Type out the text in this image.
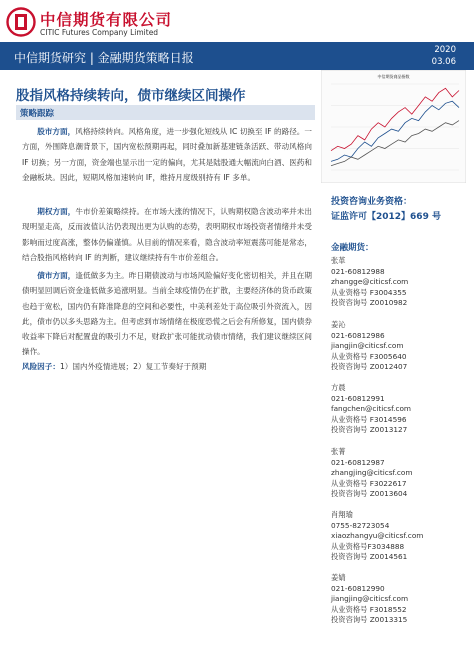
中信期货有限公司
CITIC Futures Company Limited
中信期货研究 | 金融期货策略日报
2020
03.06
股指风格持续转向，债市继续区间操作
策略跟踪

股市方面，风格持续转向。风格角度，进一步强化短线从 IC 切换至 IF 的路径。一方面，外围降息潮背景下，国内宽松预期再起，同时叠加新基建链条活跃、带动风格向 IF 切换；另一方面，资金端也显示出一定的偏向，尤其是陆股通大幅流向白酒、医药和金融板块。因此，短期风格加速转向 IF，维持月度级别持有 IF 多单。

期权方面，牛市价差策略续持。在市场大涨的情况下，认购期权隐含波动率并未出现明显走高，反而波值认沽仍表现出更为认购的态势，表明期权市场投资者情绪并未受影响而过度高涨，整体仍偏谨慎。从目前的情况来看，隐含波动率短震荡可能是常态，结合股指风格转向 IF 的判断，建议继续持有牛市价差组合。

债市方面，逢低做多为主。昨日期债波动与市场风险偏好变化密切相关，并且在期债明显回调后资金逢低做多追涨明显。当前全球疫情仍在扩散，主要经济体的货币政策也趋于宽松，国内仍有降准降息的空间和必要性，中美利差处于高位吸引外资流入，因此，债市仍以多头思路为主。但考虑到市场情绪在极度恐慌之后会有所修复，国内债券收益率下降后对配置盘的吸引力不足，财政扩张可能扰动债市情绪，我们建议继续区间操作。

风险因子：1）国内外疫情进展；2）复工节奏好于预期
中信期货商品指数
投资咨询业务资格：
证监许可【2012】669 号
金融期货：
张革
021-60812988
zhangge@citicsf.com
从业资格号 F3004355
投资咨询号 Z0010982
姜沁
021-60812986
jiangjin@citicsf.com
从业资格号 F3005640
投资咨询号 Z0012407
方晨
021-60812991
fangchen@citicsf.com
从业资格号 F3014596
投资咨询号 Z0013127
张菁
021-60812987
zhangjing@citicsf.com
从业资格号 F3022617
投资咨询号 Z0013604
肖翔瑜
0755-82723054
xiaozhangyu@citicsf.com
从业资格号F3034888
投资咨询号 Z0014561
姜婧
021-60812990
jiangjing@citicsf.com
从业资格号 F3018552
投资咨询号 Z0013315
